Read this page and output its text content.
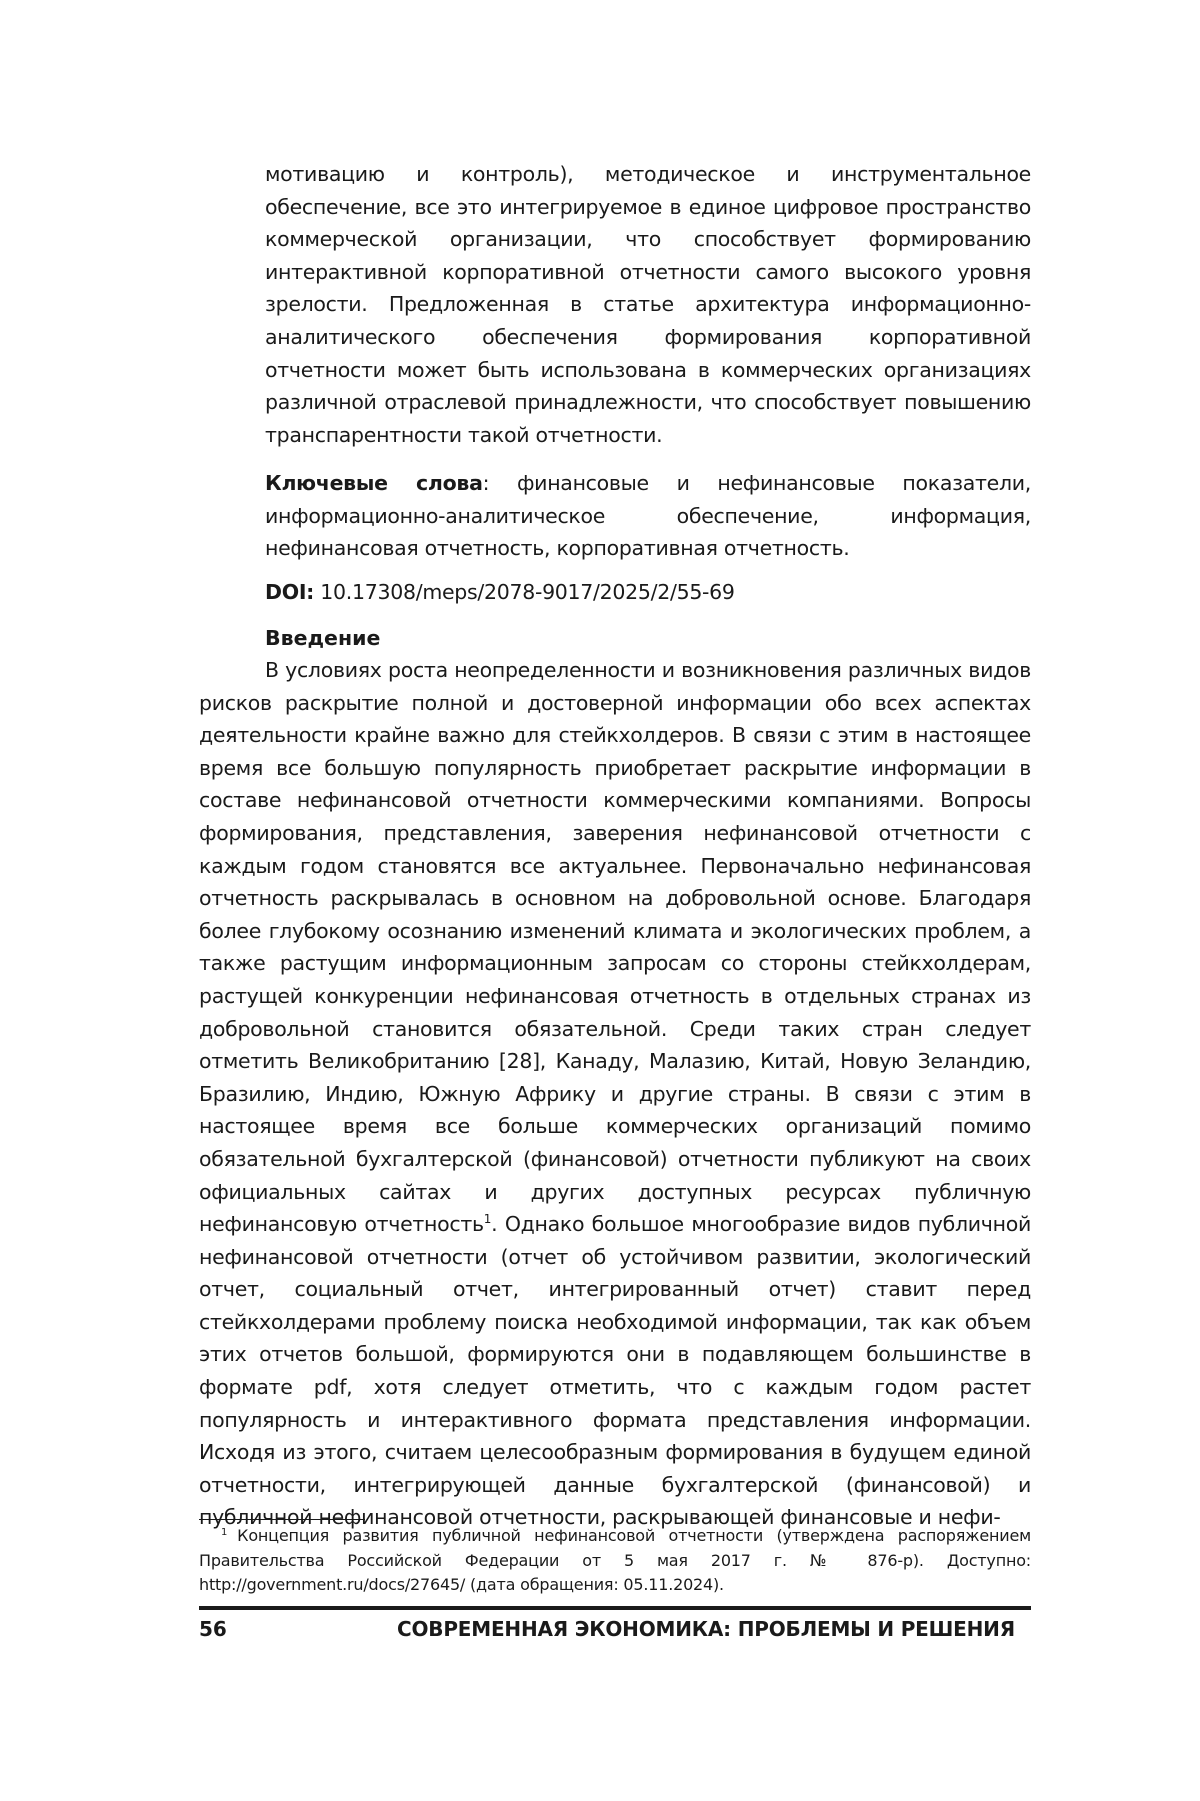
мотивацию и контроль), методическое и инструментальное обеспечение, все это интегрируемое в единое цифровое пространство коммерческой организации, что способствует формированию интерактивной корпоративной отчетности самого высокого уровня зрелости. Предложенная в статье архитектура информационно-аналитического обеспечения формирования корпоративной отчетности может быть использована в коммерческих организациях различной отраслевой принадлежности, что способствует повышению транспарентности такой отчетности.

Ключевые слова: финансовые и нефинансовые показатели, информационно-аналитическое обеспечение, информация, нефинансовая отчетность, корпоративная отчетность.

DOI: 10.17308/meps/2078-9017/2025/2/55-69

Введение

В условиях роста неопределенности и возникновения различных видов рисков раскрытие полной и достоверной информации обо всех аспектах деятельности крайне важно для стейкхолдеров. В связи с этим в настоящее время все большую популярность приобретает раскрытие информации в составе нефинансовой отчетности коммерческими компаниями. Вопросы формирования, представления, заверения нефинансовой отчетности с каждым годом становятся все актуальнее. Первоначально нефинансовая отчетность раскрывалась в основном на добровольной основе. Благодаря более глубокому осознанию изменений климата и экологических проблем, а также растущим информационным запросам со стороны стейкхолдерам, растущей конкуренции нефинансовая отчетность в отдельных странах из добровольной становится обязательной. Среди таких стран следует отметить Великобританию [28], Канаду, Малазию, Китай, Новую Зеландию, Бразилию, Индию, Южную Африку и другие страны. В связи с этим в настоящее время все больше коммерческих организаций помимо обязательной бухгалтерской (финансовой) отчетности публикуют на своих официальных сайтах и других доступных ресурсах публичную нефинансовую отчетность1. Однако большое многообразие видов публичной нефинансовой отчетности (отчет об устойчивом развитии, экологический отчет, социальный отчет, интегрированный отчет) ставит перед стейкхолдерами проблему поиска необходимой информации, так как объем этих отчетов большой, формируются они в подавляющем большинстве в формате pdf, хотя следует отметить, что с каждым годом растет популярность и интерактивного формата представления информации. Исходя из этого, считаем целесообразным формирования в будущем единой отчетности, интегрирующей данные бухгалтерской (финансовой) и публичной нефинансовой отчетности, раскрывающей финансовые и нефи-

1 Концепция развития публичной нефинансовой отчетности (утверждена распоряжением Правительства Российской Федерации от 5 мая 2017 г. № 876-р). Доступно: http://government.ru/docs/27645/ (дата обращения: 05.11.2024).

56	СОВРЕМЕННАЯ ЭКОНОМИКА: ПРОБЛЕМЫ И РЕШЕНИЯ
